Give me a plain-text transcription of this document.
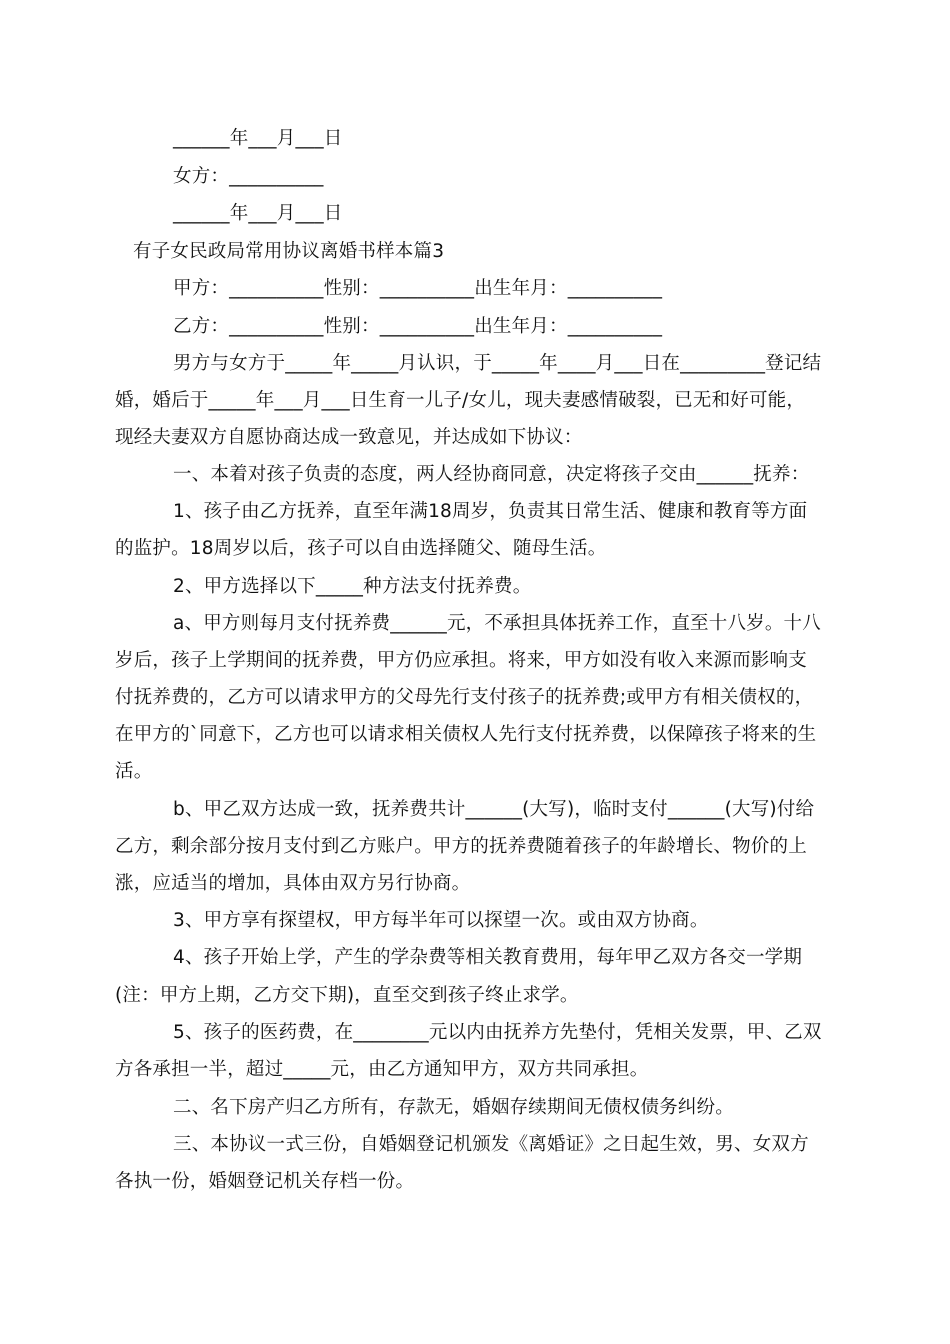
______年___月___日
女方：__________
______年___月___日
有子女民政局常用协议离婚书样本篇3
甲方：__________性别：__________出生年月：__________
乙方：__________性别：__________出生年月：__________
男方与女方于_____年_____月认识，于_____年____月___日在_________登记结
婚，婚后于_____年___月___日生育一儿子/女儿，现夫妻感情破裂，已无和好可能，
现经夫妻双方自愿协商达成一致意见，并达成如下协议：
一、本着对孩子负责的态度，两人经协商同意，决定将孩子交由______抚养：
1、孩子由乙方抚养，直至年满18周岁，负责其日常生活、健康和教育等方面
的监护。18周岁以后，孩子可以自由选择随父、随母生活。
2、甲方选择以下_____种方法支付抚养费。
a、甲方则每月支付抚养费______元，不承担具体抚养工作，直至十八岁。十八
岁后，孩子上学期间的抚养费，甲方仍应承担。将来，甲方如没有收入来源而影响支
付抚养费的，乙方可以请求甲方的父母先行支付孩子的抚养费;或甲方有相关债权的，
在甲方的`同意下，乙方也可以请求相关债权人先行支付抚养费，以保障孩子将来的生
活。
b、甲乙双方达成一致，抚养费共计______(大写)，临时支付______(大写)付给
乙方，剩余部分按月支付到乙方账户。甲方的抚养费随着孩子的年龄增长、物价的上
涨，应适当的增加，具体由双方另行协商。
3、甲方享有探望权，甲方每半年可以探望一次。或由双方协商。
4、孩子开始上学，产生的学杂费等相关教育费用，每年甲乙双方各交一学期
(注：甲方上期，乙方交下期)，直至交到孩子终止求学。
5、孩子的医药费，在________元以内由抚养方先垫付，凭相关发票，甲、乙双
方各承担一半，超过_____元，由乙方通知甲方，双方共同承担。
二、名下房产归乙方所有，存款无，婚姻存续期间无债权债务纠纷。
三、本协议一式三份，自婚姻登记机颁发《离婚证》之日起生效，男、女双方
各执一份，婚姻登记机关存档一份。
